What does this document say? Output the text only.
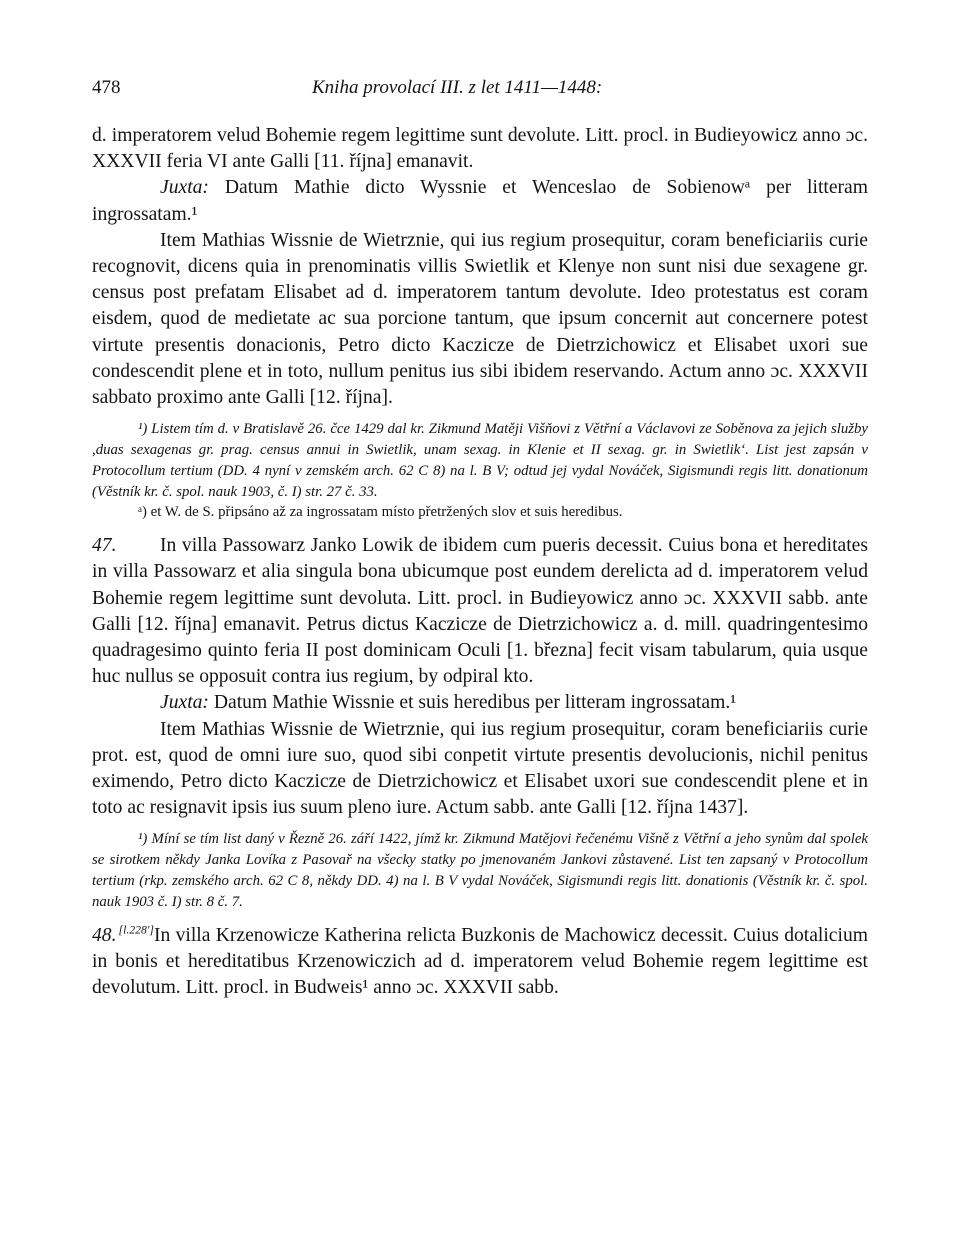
478	Kniha provolací III. z let 1411—1448:

d. imperatorem velud Bohemie regem legittime sunt devolute. Litt. procl. in Budieyowicz anno ɔc. XXXVII feria VI ante Galli [11. října] emanavit.

Juxta: Datum Mathie dicto Wyssnie et Wenceslao de Sobienowᵃ per litteram ingrossatam.¹

Item Mathias Wissnie de Wietrznie, qui ius regium prosequitur, coram beneficiariis curie recognovit, dicens quia in prenominatis villis Swietlik et Klenye non sunt nisi due sexagene gr. census post prefatam Elisabet ad d. imperatorem tantum devolute. Ideo protestatus est coram eisdem, quod de medietate ac sua porcione tantum, que ipsum concernit aut concernere potest virtute presentis donacionis, Petro dicto Kaczicze de Dietrzichowicz et Elisabet uxori sue condescendit plene et in toto, nullum penitus ius sibi ibidem reservando. Actum anno ɔc. XXXVII sabbato proximo ante Galli [12. října].

¹) Listem tím d. v Bratislavě 26. čce 1429 dal kr. Zikmund Matěji Višňovi z Větřní a Václavovi ze Soběnova za jejich služby ,duas sexagenas gr. prag. census annui in Swietlik, unam sexag. in Klenie et II sexag. gr. in Swietlik‘. List jest zapsán v Protocollum tertium (DD. 4 nyní v zemském arch. 62 C 8) na l. B V; odtud jej vydal Nováček, Sigismundi regis litt. donationum (Věstník kr. č. spol. nauk 1903, č. I) str. 27 č. 33.

ᵃ) et W. de S. připsáno až za ingrossatam místo přetržených slov et suis heredibus.

47. In villa Passowarz Janko Lowik de ibidem cum pueris decessit. Cuius bona et hereditates in villa Passowarz et alia singula bona ubicumque post eundem derelicta ad d. imperatorem velud Bohemie regem legittime sunt devoluta. Litt. procl. in Budieyowicz anno ɔc. XXXVII sabb. ante Galli [12. října] emanavit. Petrus dictus Kaczicze de Dietrzichowicz a. d. mill. quadringentesimo quadragesimo quinto feria II post dominicam Oculi [1. března] fecit visam tabularum, quia usque huc nullus se opposuit contra ius regium, by odpiral kto.

Juxta: Datum Mathie Wissnie et suis heredibus per litteram ingrossatam.¹

Item Mathias Wissnie de Wietrznie, qui ius regium prosequitur, coram beneficiariis curie prot. est, quod de omni iure suo, quod sibi conpetit virtute presentis devolucionis, nichil penitus eximendo, Petro dicto Kaczicze de Dietrzichowicz et Elisabet uxori sue condescendit plene et in toto ac resignavit ipsis ius suum pleno iure. Actum sabb. ante Galli [12. října 1437].

¹) Míní se tím list daný v Řezně 26. září 1422, jímž kr. Zikmund Matějovi řečenému Višně z Větřní a jeho synům dal spolek se sirotkem někdy Janka Lovíka z Pasovař na všecky statky po jmenovaném Jankovi zůstavené. List ten zapsaný v Protocollum tertium (rkp. zemského arch. 62 C 8, někdy DD. 4) na l. B V vydal Nováček, Sigismundi regis litt. donationis (Věstník kr. č. spol. nauk 1903 č. I) str. 8 č. 7.

48. [l.228']In villa Krzenowicze Katherina relicta Buzkonis de Machowicz decessit. Cuius dotalicium in bonis et hereditatibus Krzenowiczich ad d. imperatorem velud Bohemie regem legittime est devolutum. Litt. procl. in Budweis¹ anno ɔc. XXXVII sabb.
